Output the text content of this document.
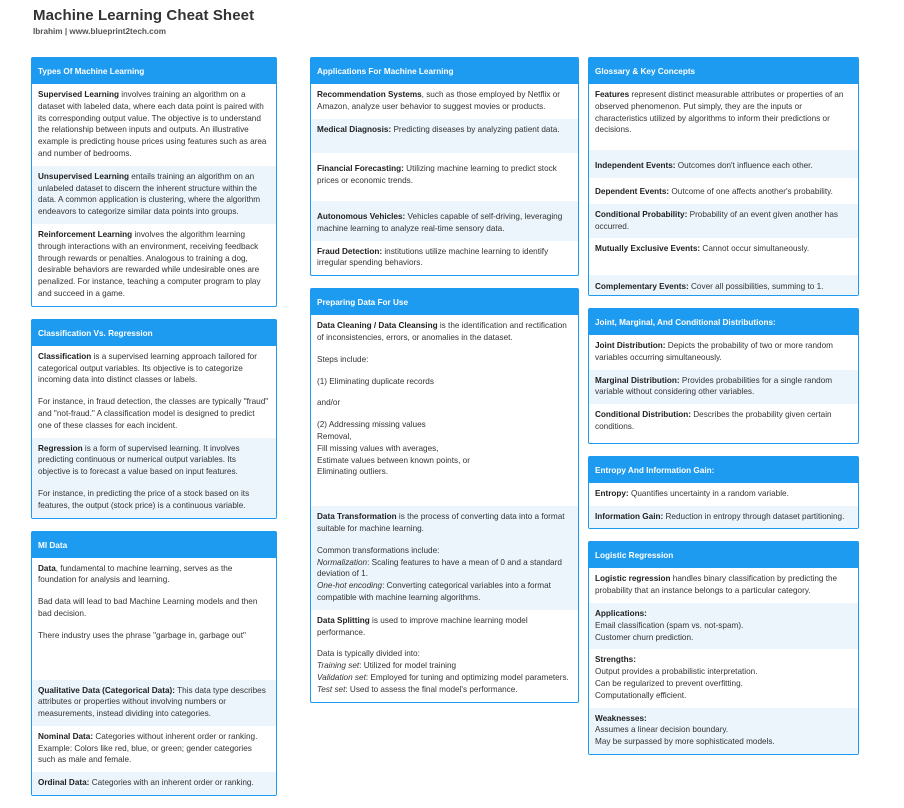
Machine Learning Cheat Sheet
Ibrahim | www.blueprint2tech.com
Types Of Machine Learning
Supervised Learning involves training an algorithm on a dataset with labeled data, where each data point is paired with its corresponding output value. The objective is to understand the relationship between inputs and outputs. An illustrative example is predicting house prices using features such as area and number of bedrooms.
Unsupervised Learning entails training an algorithm on an unlabeled dataset to discern the inherent structure within the data. A common application is clustering, where the algorithm endeavors to categorize similar data points into groups.
Reinforcement Learning involves the algorithm learning through interactions with an environment, receiving feedback through rewards or penalties. Analogous to training a dog, desirable behaviors are rewarded while undesirable ones are penalized. For instance, teaching a computer program to play and succeed in a game.
Classification Vs. Regression

Classification is a supervised learning approach tailored for categorical output variables. Its objective is to categorize incoming data into distinct classes or labels.

For instance, in fraud detection, the classes are typically "fraud" and "not-fraud." A classification model is designed to predict one of these classes for each incident.

Regression is a form of supervised learning. It involves predicting continuous or numerical output variables. Its objective is to forecast a value based on input features.

For instance, in predicting the price of a stock based on its features, the output (stock price) is a continuous variable.

Ml Data

Data, fundamental to machine learning, serves as the foundation for analysis and learning.

Bad data will lead to bad Machine Learning models and then bad decision.

There industry uses the phrase "garbage in, garbage out"

Qualitative Data (Categorical Data): This data type describes attributes or properties without involving numbers or measurements, instead dividing into categories.
Nominal Data: Categories without inherent order or ranking. Example: Colors like red, blue, or green; gender categories such as male and female.
Ordinal Data: Categories with an inherent order or ranking.
Applications For Machine Learning
Recommendation Systems, such as those employed by Netflix or Amazon, analyze user behavior to suggest movies or products.
Medical Diagnosis: Predicting diseases by analyzing patient data.
Financial Forecasting: Utilizing machine learning to predict stock prices or economic trends.
Autonomous Vehicles: Vehicles capable of self-driving, leveraging machine learning to analyze real-time sensory data.
Fraud Detection: institutions utilize machine learning to identify irregular spending behaviors.
Preparing Data For Use

Data Cleaning / Data Cleansing is the identification and rectification of inconsistencies, errors, or anomalies in the dataset.

Steps include:

(1) Eliminating duplicate records

and/or

(2) Addressing missing values

Removal,
Fill missing values with averages,
Estimate values between known points, or
Eliminating outliers.

Data Transformation is the process of converting data into a format suitable for machine learning.

Common transformations include:
Normalization: Scaling features to have a mean of 0 and a standard deviation of 1.
One-hot encoding: Converting categorical variables into a format compatible with machine learning algorithms.

Data Splitting is used to improve machine learning model performance.

Data is typically divided into:
Training set: Utilized for model training
Validation set: Employed for tuning and optimizing model parameters.
Test set: Used to assess the final model's performance.
Glossary & Key Concepts
Features represent distinct measurable attributes or properties of an observed phenomenon. Put simply, they are the inputs or characteristics utilized by algorithms to inform their predictions or decisions.
Independent Events: Outcomes don't influence each other.
Dependent Events: Outcome of one affects another's probability.
Conditional Probability: Probability of an event given another has occurred.
Mutually Exclusive Events: Cannot occur simultaneously.
Complementary Events: Cover all possibilities, summing to 1.
Joint, Marginal, And Conditional Distributions:
Joint Distribution: Depicts the probability of two or more random variables occurring simultaneously.
Marginal Distribution: Provides probabilities for a single random variable without considering other variables.
Conditional Distribution: Describes the probability given certain conditions.
Entropy And Information Gain:
Entropy: Quantifies uncertainty in a random variable.
Information Gain: Reduction in entropy through dataset partitioning.
Logistic Regression
Logistic regression handles binary classification by predicting the probability that an instance belongs to a particular category.
Applications:
Email classification (spam vs. not-spam).
Customer churn prediction.
Strengths:
Output provides a probabilistic interpretation.
Can be regularized to prevent overfitting.
Computationally efficient.
Weaknesses:
Assumes a linear decision boundary.
May be surpassed by more sophisticated models.
